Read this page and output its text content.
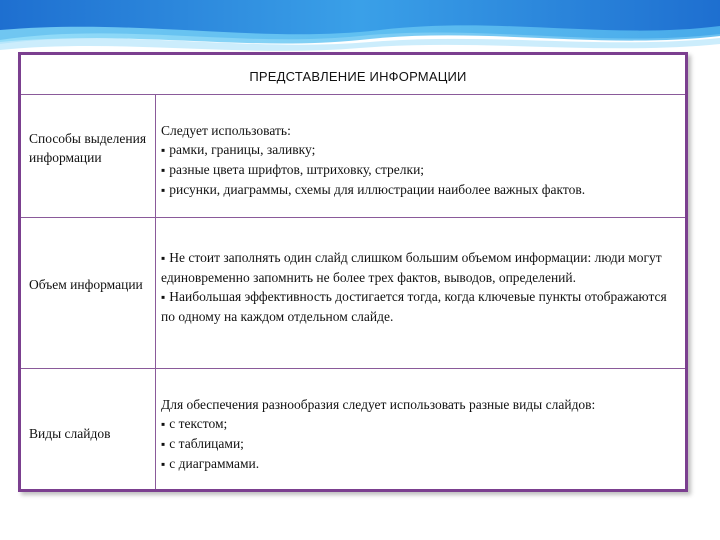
ПРЕДСТАВЛЕНИЕ ИНФОРМАЦИИ
Способы выделения информации

Следует использовать:

▪ рамки, границы, заливку;

▪ разные цвета шрифтов, штриховку, стрелки;

▪ рисунки, диаграммы, схемы для иллюстрации наиболее важных фактов.

Объем информации

▪ Не стоит заполнять один слайд слишком большим объемом информации: люди могут единовременно запомнить не более трех фактов, выводов, определений.

▪ Наибольшая эффективность достигается тогда, когда ключевые пункты отображаются по одному на каждом отдельном слайде.

Виды слайдов

Для обеспечения разнообразия следует использовать разные виды слайдов:

▪ с текстом;

▪ с таблицами;

▪ с диаграммами.
